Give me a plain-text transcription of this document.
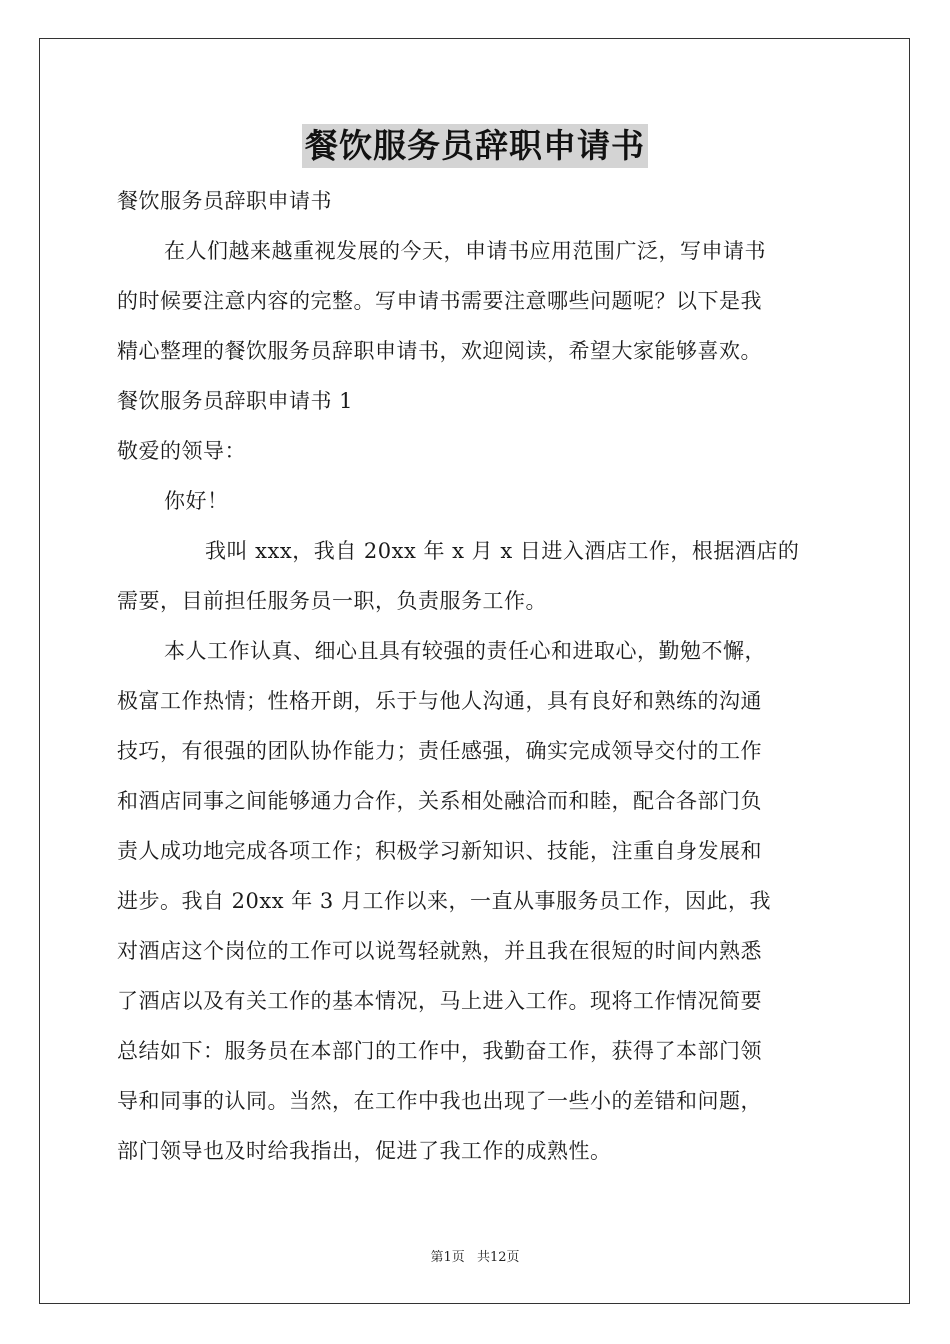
餐饮服务员辞职申请书
餐饮服务员辞职申请书
在人们越来越重视发展的今天，申请书应用范围广泛，写申请书
的时候要注意内容的完整。写申请书需要注意哪些问题呢？以下是我
精心整理的餐饮服务员辞职申请书，欢迎阅读，希望大家能够喜欢。
餐饮服务员辞职申请书 1
敬爱的领导：
你好！
我叫 xxx，我自 20xx 年 x 月 x 日进入酒店工作，根据酒店的
需要，目前担任服务员一职，负责服务工作。
本人工作认真、细心且具有较强的责任心和进取心，勤勉不懈，
极富工作热情；性格开朗，乐于与他人沟通，具有良好和熟练的沟通
技巧，有很强的团队协作能力；责任感强，确实完成领导交付的工作
和酒店同事之间能够通力合作，关系相处融洽而和睦，配合各部门负
责人成功地完成各项工作；积极学习新知识、技能，注重自身发展和
进步。我自 20xx 年 3 月工作以来，一直从事服务员工作，因此，我
对酒店这个岗位的工作可以说驾轻就熟，并且我在很短的时间内熟悉
了酒店以及有关工作的基本情况，马上进入工作。现将工作情况简要
总结如下：服务员在本部门的工作中，我勤奋工作，获得了本部门领
导和同事的认同。当然，在工作中我也出现了一些小的差错和问题，
部门领导也及时给我指出，促进了我工作的成熟性。
第1页 共12页
